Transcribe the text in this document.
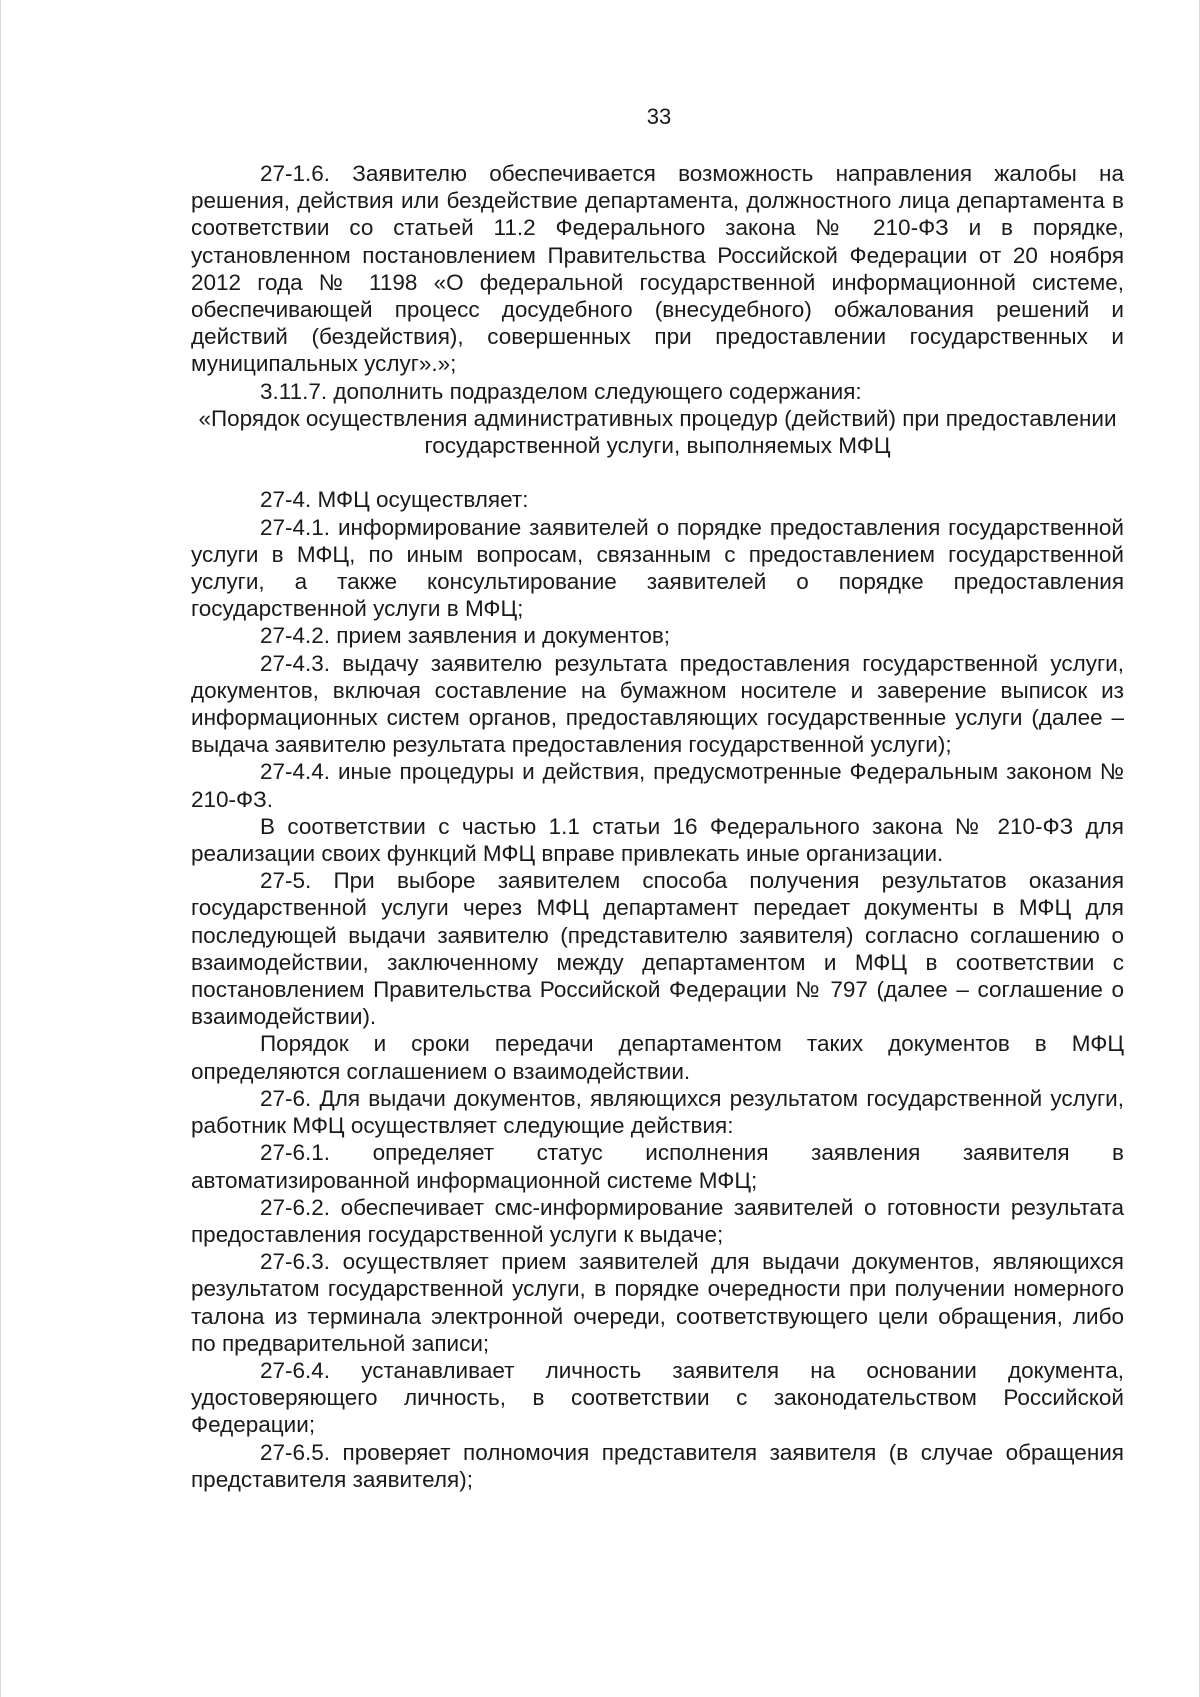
33

27-1.6. Заявителю обеспечивается возможность направления жалобы на решения, действия или бездействие департамента, должностного лица департамента в соответствии со статьей 11.2 Федерального закона № 210-ФЗ и в порядке, установленном постановлением Правительства Российской Федерации от 20 ноября 2012 года № 1198 «О федеральной государственной информационной системе, обеспечивающей процесс досудебного (внесудебного) обжалования решений и действий (бездействия), совершенных при предоставлении государственных и муниципальных услуг».»;

3.11.7. дополнить подразделом следующего содержания:

«Порядок осуществления административных процедур (действий) при предоставлении государственной услуги, выполняемых МФЦ

27-4. МФЦ осуществляет:

27-4.1. информирование заявителей о порядке предоставления государственной услуги в МФЦ, по иным вопросам, связанным с предоставлением государственной услуги, а также консультирование заявителей о порядке предоставления государственной услуги в МФЦ;

27-4.2. прием заявления и документов;

27-4.3. выдачу заявителю результата предоставления государственной услуги, документов, включая составление на бумажном носителе и заверение выписок из информационных систем органов, предоставляющих государственные услуги (далее – выдача заявителю результата предоставления государственной услуги);

27-4.4. иные процедуры и действия, предусмотренные Федеральным законом № 210-ФЗ.

В соответствии с частью 1.1 статьи 16 Федерального закона № 210-ФЗ для реализации своих функций МФЦ вправе привлекать иные организации.

27-5. При выборе заявителем способа получения результатов оказания государственной услуги через МФЦ департамент передает документы в МФЦ для последующей выдачи заявителю (представителю заявителя) согласно соглашению о взаимодействии, заключенному между департаментом и МФЦ в соответствии с постановлением Правительства Российской Федерации № 797 (далее – соглашение о взаимодействии).

Порядок и сроки передачи департаментом таких документов в МФЦ определяются соглашением о взаимодействии.

27-6. Для выдачи документов, являющихся результатом государственной услуги, работник МФЦ осуществляет следующие действия:

27-6.1. определяет статус исполнения заявления заявителя в автоматизированной информационной системе МФЦ;

27-6.2. обеспечивает смс-информирование заявителей о готовности результата предоставления государственной услуги к выдаче;

27-6.3. осуществляет прием заявителей для выдачи документов, являющихся результатом государственной услуги, в порядке очередности при получении номерного талона из терминала электронной очереди, соответствующего цели обращения, либо по предварительной записи;

27-6.4. устанавливает личность заявителя на основании документа, удостоверяющего личность, в соответствии с законодательством Российской Федерации;

27-6.5. проверяет полномочия представителя заявителя (в случае обращения представителя заявителя);
